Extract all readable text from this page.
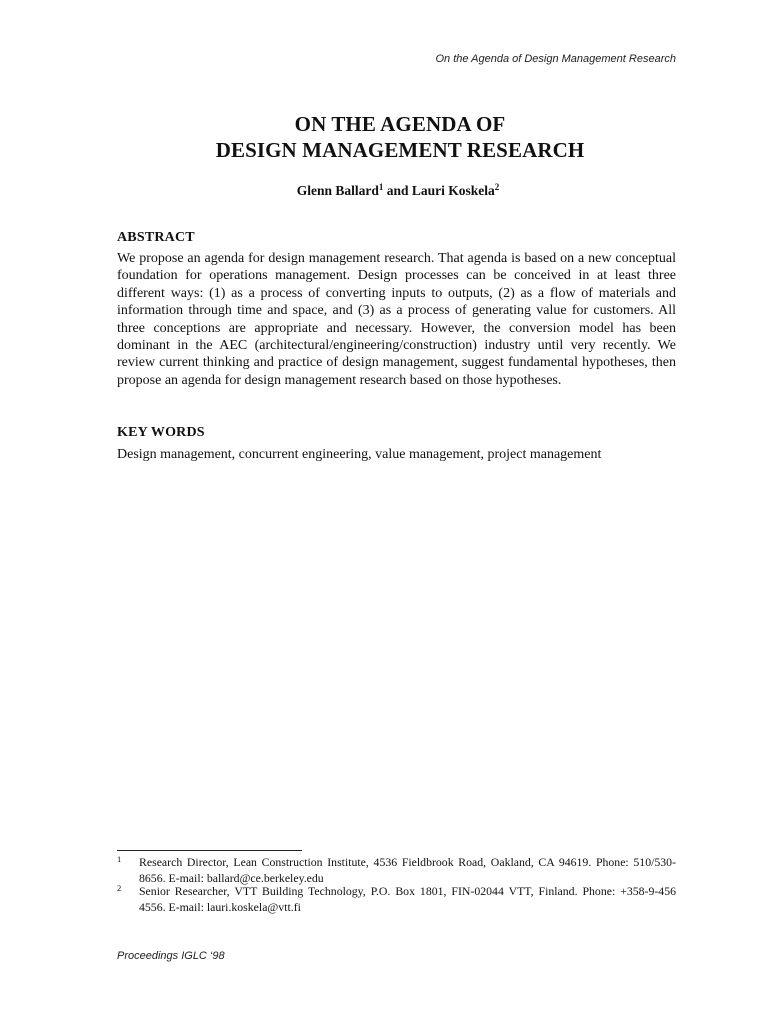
On the Agenda of Design Management Research
ON THE AGENDA OF
DESIGN MANAGEMENT RESEARCH
Glenn Ballard$^1$ and Lauri Koskela$^2$
ABSTRACT
We propose an agenda for design management research. That agenda is based on a new conceptual foundation for operations management. Design processes can be conceived in at least three different ways: (1) as a process of converting inputs to outputs, (2) as a flow of materials and information through time and space, and (3) as a process of generating value for customers. All three conceptions are appropriate and necessary. However, the conversion model has been dominant in the AEC (architectural/engineering/construction) industry until very recently. We review current thinking and practice of design management, suggest fundamental hypotheses, then propose an agenda for design management research based on those hypotheses.
KEY WORDS
Design management, concurrent engineering, value management, project management
1 Research Director, Lean Construction Institute, 4536 Fieldbrook Road, Oakland, CA 94619. Phone: 510/530-8656. E-mail: ballard@ce.berkeley.edu
2 Senior Researcher, VTT Building Technology, P.O. Box 1801, FIN-02044 VTT, Finland. Phone: +358-9-456 4556. E-mail: lauri.koskela@vtt.fi
Proceedings IGLC ‘98
